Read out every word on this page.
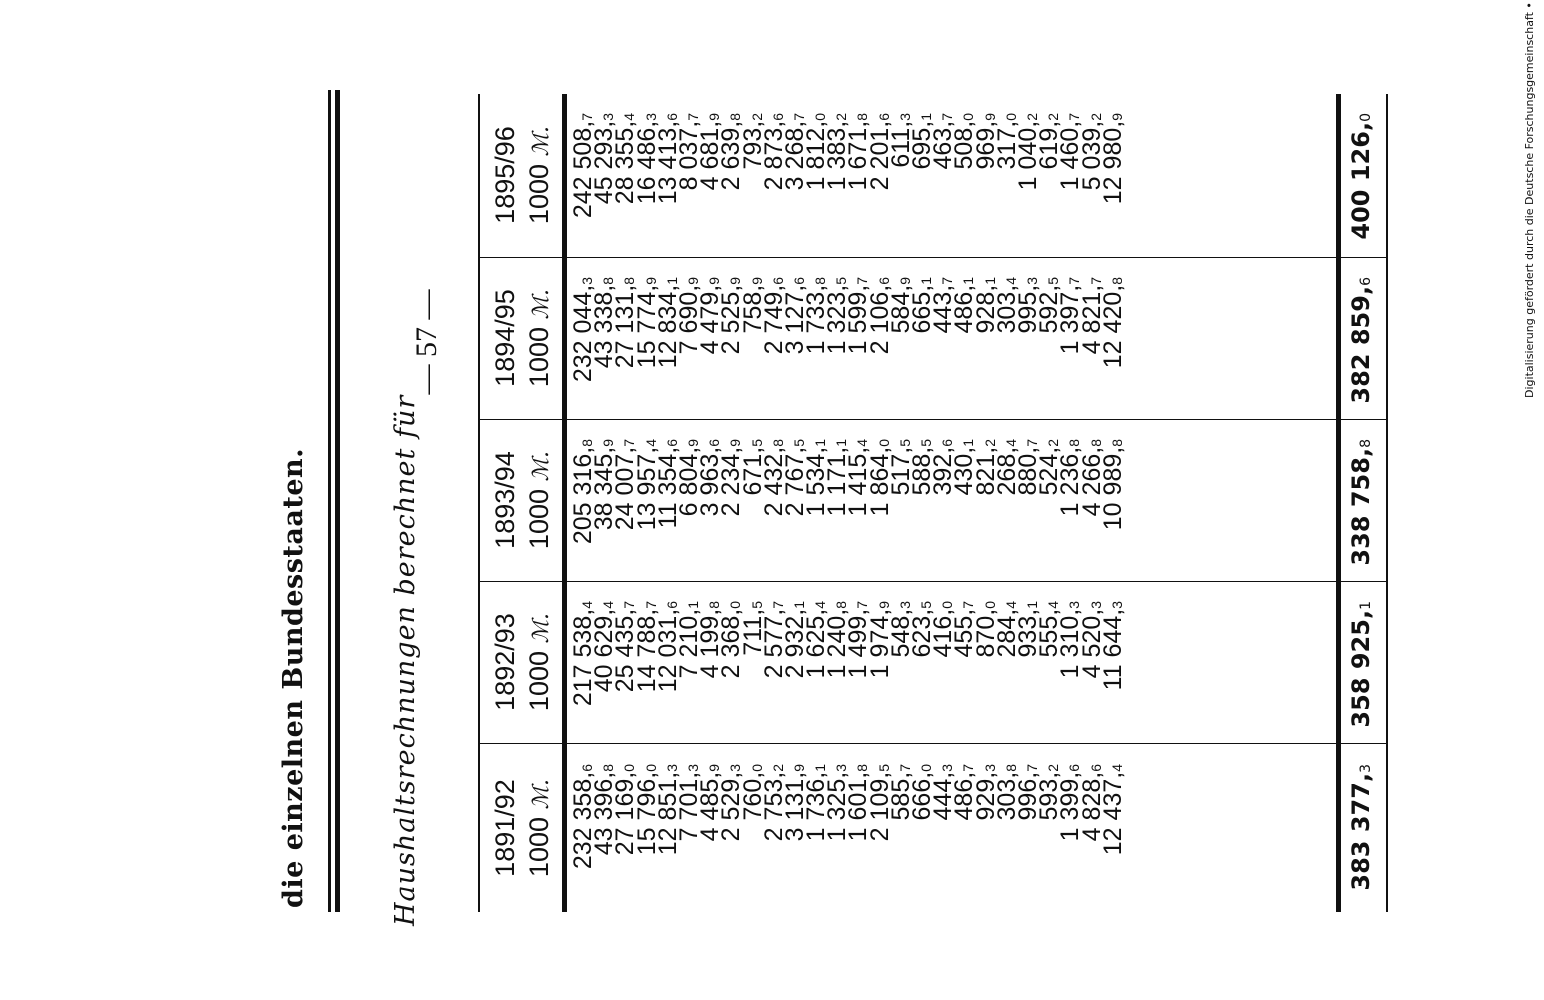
die einzelnen Bundesstaaten.
— 57 —
Haushaltsrechnungen berechnet für	1891/92 1000 ℳ. 232 $358,_6$
43 $396,_8$
27 $169,_0$
15 $796,_0$
12 $851,_3$
7 $701,_3$
4 $485,_9$
2 $529,_3$
$760,_0$
2 $753,_2$
3 $131,_9$
1 $736,_1$
1 $325,_3$
1 $601,_8$
2 $109,_5$
$585,_7$
$666,_0$
$444,_3$
$486,_7$
$929,_3$
$303,_8$
$996,_7$
$593,_2$
1 $399,_6$
4 $828,_6$
12 $437,_4$
383 $377,_3$
1892/93 1000 ℳ. 217 $538,_4$
40 $629,_4$
25 $435,_7$
14 $788,_7$
12 $031,_6$
7 $210,_1$
4 $199,_8$
2 $368,_0$
$711,_5$
2 $577,_7$
2 $932,_1$
1 $625,_4$
1 $240,_8$
1 $499,_7$
1 $974,_9$
$548,_3$
$623,_5$
$416,_0$
$455,_7$
$870,_0$
$284,_4$
$933,_1$
$555,_4$
1 $310,_3$
4 $520,_3$
11 $644,_3$
358 $925,_1$
1893/94 1000 ℳ. 205 $316,_8$
38 $345,_9$
24 $007,_7$
13 $957,_4$
11 $354,_6$
6 $804,_9$
3 $963,_6$
2 $234,_9$
$671,_5$
2 $432,_8$
2 $767,_5$
1 $534,_1$
1 $171,_1$
1 $415,_4$
1 $864,_0$
$517,_5$
$588,_5$
$392,_6$
$430,_1$
$821,_2$
$268,_4$
$880,_7$
$524,_2$
1 $236,_8$
4 $266,_8$
10 $989,_8$
338 $758,_8$
1894/95 1000 ℳ. 232 $044,_3$
43 $338,_8$
27 $131,_8$
15 $774,_9$
12 $834,_1$
7 $690,_9$
4 $479,_9$
2 $525,_9$
$758,_9$
2 $749,_6$
3 $127,_6$
1 $733,_8$
1 $323,_5$
1 $599,_7$
2 $106,_6$
$584,_9$
$665,_1$
$443,_7$
$486,_1$
$928,_1$
$303,_4$
$995,_3$
$592,_5$
1 $397,_7$
4 $821,_7$
12 $420,_8$
382 $859,_6$
1895/96 1000 ℳ. 242 $508,_7$
45 $293,_3$
28 $355,_4$
16 $486,_3$
13 $413,_6$
8 $037,_7$
4 $681,_9$
2 $639,_8$
$793,_2$
2 $873,_6$
3 $268,_7$
1 $812,_0$
1 $383,_2$
1 $671,_8$
2 $201,_6$
$611,_3$
$695,_1$
$463,_7$
$508,_0$
$969,_9$
$317,_0$
1 $040,_2$
$619,_2$
1 $460,_7$
5 $039,_2$
12 $980,_9$
400 $126,_0$	Digitalisierung gefördert durch die Deutsche Forschungsgemeinschaft •
